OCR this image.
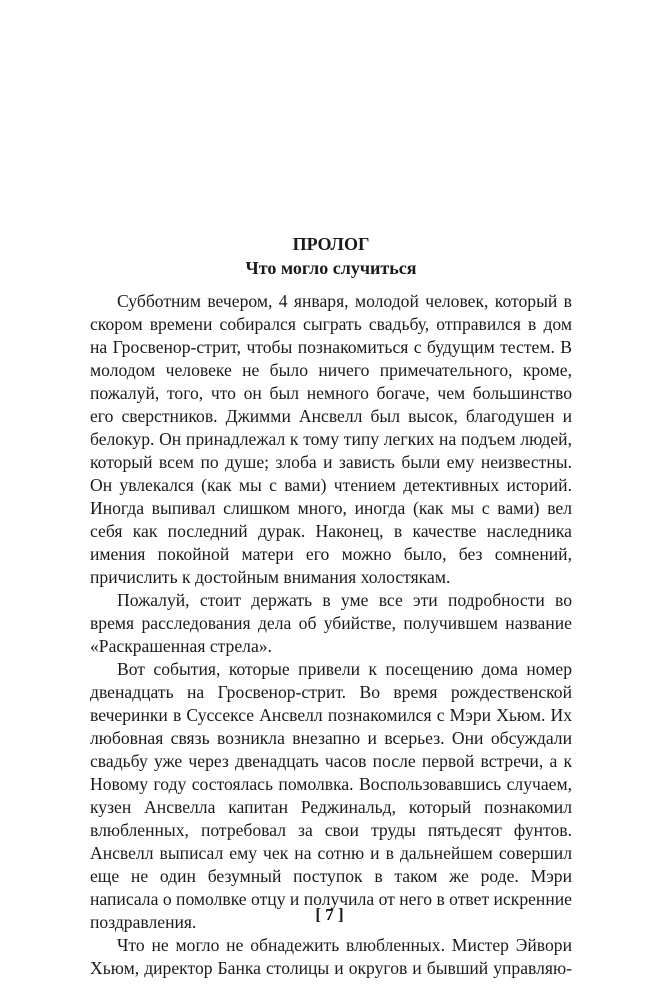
ПРОЛОГ
Что могло случиться

Субботним вечером, 4 января, молодой человек, который в скором времени собирался сыграть свадьбу, отправился в дом на Гросвенор-стрит, чтобы познакомиться с будущим тестем. В молодом человеке не было ничего примечательного, кроме, пожалуй, того, что он был немного богаче, чем большинство его сверстников. Джимми Ансвелл был высок, благодушен и белокур. Он принадлежал к тому типу легких на подъем людей, который всем по душе; злоба и зависть были ему неизвестны. Он увлекался (как мы с вами) чтением детективных историй. Иногда выпивал слишком много, иногда (как мы с вами) вел себя как последний дурак. Наконец, в качестве наследника имения покойной матери его можно было, без сомнений, причислить к достойным внимания холостякам.

Пожалуй, стоит держать в уме все эти подробности во время расследования дела об убийстве, получившем название «Раскрашенная стрела».

Вот события, которые привели к посещению дома номер двенадцать на Гросвенор-стрит. Во время рождественской вечеринки в Суссексе Ансвелл познакомился с Мэри Хьюм. Их любовная связь возникла внезапно и всерьез. Они обсуждали свадьбу уже через двенадцать часов после первой встречи, а к Новому году состоялась помолвка. Воспользовавшись случаем, кузен Ансвелла капитан Реджинальд, который познакомил влюбленных, потребовал за свои труды пятьдесят фунтов. Ансвелл выписал ему чек на сотню и в дальнейшем совершил еще не один безумный поступок в таком же роде. Мэри написала о помолвке отцу и получила от него в ответ искренние поздравления.

Что не могло не обнадежить влюбленных. Мистер Эйвори Хьюм, директор Банка столицы и округов и бывший управляю-

[ 7 ]
